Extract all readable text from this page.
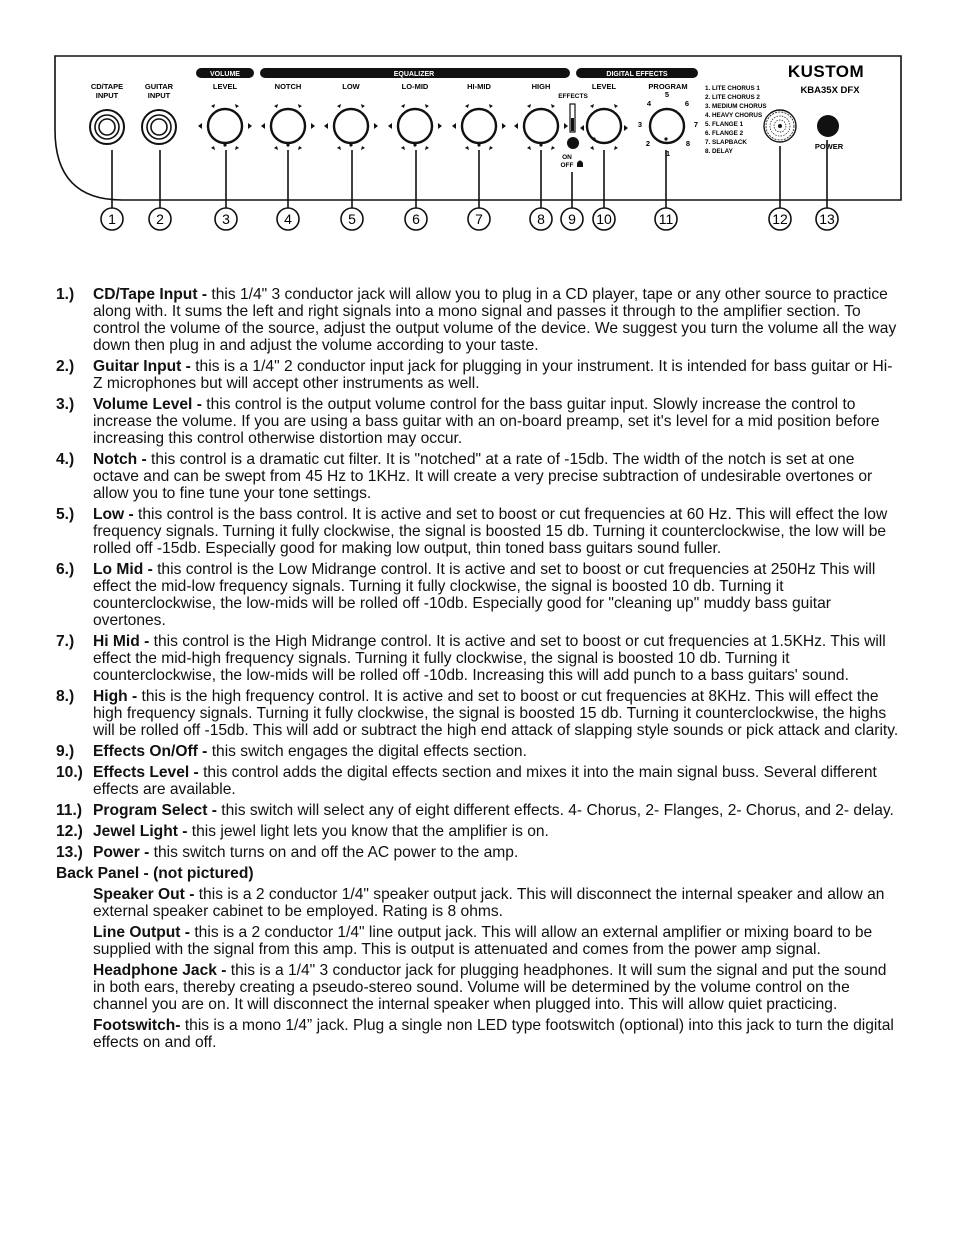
VOLUME	EQUALIZER	DIGITAL EFFECTS
CD/TAPE
INPUT
GUITAR
INPUT
LEVEL	NOTCH	LOW	LO-MID	HI-MID	HIGH	LEVEL	PROGRAM
1
2
3
4
5
6
7
8
EFFECTS
ON
OFF
1. LITE CHORUS 1
2. LITE CHORUS 2
3. MEDIUM CHORUS
4. HEAVY CHORUS
5. FLANGE 1
6. FLANGE 2
7. SLAPBACK
8. DELAY
KUSTOM
KBA35X DFX
POWER
1	2	3	4	5	6	7	8 9 10	11	12 13
1.)	CD/Tape Input - this 1/4" 3 conductor jack will allow you to plug in a CD player, tape or any other source to practice along with. It sums the left and right signals into a mono signal and passes it through to the amplifier section. To control the volume of the source, adjust the output volume of the device. We suggest you turn the volume all the way down then plug in and adjust the volume according to your taste.
2.)	Guitar Input - this is a 1/4" 2 conductor input jack for plugging in your instrument. It is intended for bass guitar or Hi-Z microphones but will accept other instruments as well.
3.)	Volume Level - this control is the output volume control for the bass guitar input. Slowly increase the control to increase the volume. If you are using a bass guitar with an on-board preamp, set it's level for a mid position before increasing this control otherwise distortion may occur.
4.)	Notch - this control is a dramatic cut filter. It is "notched" at a rate of -15db. The width of the notch is set at one octave and can be swept from 45 Hz to 1KHz. It will create a very precise subtraction of undesirable overtones or allow you to fine tune your tone settings.
5.)	Low - this control is the bass control. It is active and set to boost or cut frequencies at 60 Hz. This will effect the low frequency signals. Turning it fully clockwise, the signal is boosted 15 db. Turning it counterclockwise, the low will be rolled off -15db. Especially good for making low output, thin toned bass guitars sound fuller.
6.)	Lo Mid - this control is the Low Midrange control. It is active and set to boost or cut frequencies at 250Hz This will effect the mid-low frequency signals. Turning it fully clockwise, the signal is boosted 10 db. Turning it counterclockwise, the low-mids will be rolled off -10db. Especially good for "cleaning up" muddy bass guitar overtones.
7.)	Hi Mid - this control is the High Midrange control. It is active and set to boost or cut frequencies at 1.5KHz. This will effect the mid-high frequency signals. Turning it fully clockwise, the signal is boosted 10 db. Turning it counterclockwise, the low-mids will be rolled off -10db. Increasing this will add punch to a bass guitars' sound.
8.)	High - this is the high frequency control. It is active and set to boost or cut frequencies at 8KHz. This will effect the high frequency signals. Turning it fully clockwise, the signal is boosted 15 db. Turning it counterclockwise, the highs will be rolled off -15db. This will add or subtract the high end attack of slapping style sounds or pick attack and clarity.
9.)	Effects On/Off - this switch engages the digital effects section.
10.) Effects Level - this control adds the digital effects section and mixes it into the main signal buss. Several different effects are available.
11.) Program Select - this switch will select any of eight different effects. 4- Chorus, 2- Flanges, 2- Chorus, and 2- delay.
12.) Jewel Light - this jewel light lets you know that the amplifier is on.
13.) Power - this switch turns on and off the AC power to the amp.
Back Panel - (not pictured)
Speaker Out - this is a 2 conductor 1/4" speaker output jack. This will disconnect the internal speaker and allow an external speaker cabinet to be employed. Rating is 8 ohms.
Line Output - this is a 2 conductor 1/4" line output jack. This will allow an external amplifier or mixing board to be supplied with the signal from this amp. This is output is attenuated and comes from the power amp signal.
Headphone Jack - this is a 1/4" 3 conductor jack for plugging headphones. It will sum the signal and put the sound in both ears, thereby creating a pseudo-stereo sound. Volume will be determined by the volume control on the channel you are on. It will disconnect the internal speaker when plugged into. This will allow quiet practicing.
Footswitch- this is a mono 1/4” jack. Plug a single non LED type footswitch (optional) into this jack to turn the digital effects on and off.
